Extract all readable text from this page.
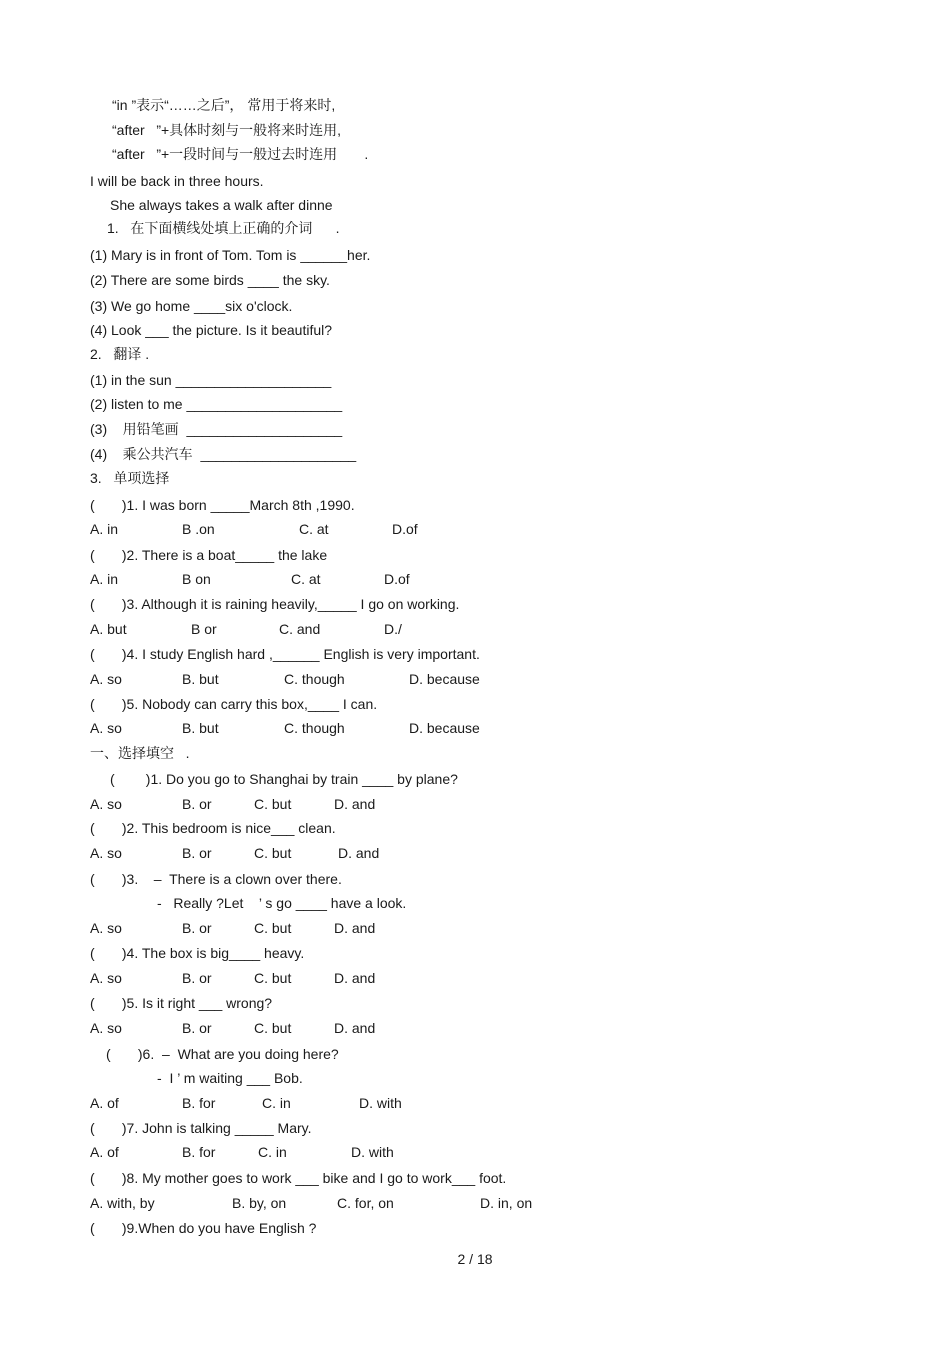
“in ”表示“……之后”， 常用于将来时,
“after   ”+具体时刻与一般将来时连用,
“after   ”+一段时间与一般过去时连用       .
I will be back in three hours.
She always takes a walk after dinne
1.   在下面横线处填上正确的介词      .
(1) Mary is in front of Tom. Tom is ______her.
(2) There are some birds ____ the sky.
(3) We go home ____six o'clock.
(4) Look ___ the picture. Is it beautiful?
2.   翻译 .
(1) in the sun ____________________
(2) listen to me ____________________
(3)    用铅笔画  ____________________
(4)    乘公共汽车  ____________________
3.   单项选择
(       )1. I was born _____March 8th ,1990.
A. in	B .on	C. at	D.of
(       )2. There is a boat_____ the lake
A. in	B on	C. at	D.of
(       )3. Although it is raining heavily,_____ I go on working.
A. but	B or	C. and	D./
(       )4. I study English hard ,______ English is very important.
A. so	B. but	C. though	D. because
(       )5. Nobody can carry this box,____ I can.
A. so	B. but	C. though	D. because
一、选择填空   .
(        )1. Do you go to Shanghai by train ____ by plane?
A. so	B. or	C. but	D. and
(       )2. This bedroom is nice___ clean.
A. so	B. or	C. but	D. and
(       )3.    –  There is a clown over there.
-   Really ?Let    ’ s go ____ have a look.
A. so	B. or	C. but	D. and
(       )4. The box is big____ heavy.
A. so	B. or	C. but	D. and
(       )5. Is it right ___ wrong?
A. so	B. or	C. but	D. and
(       )6.  –  What are you doing here?
-  I ’ m waiting ___ Bob.
A. of	B. for	C. in	D. with
(       )7. John is talking _____ Mary.
A. of	B. for	C. in	D. with
(       )8. My mother goes to work ___ bike and I go to work___ foot.
A. with, by	B. by, on	C. for, on	D. in, on
(       )9.When do you have English ?
2 / 18
